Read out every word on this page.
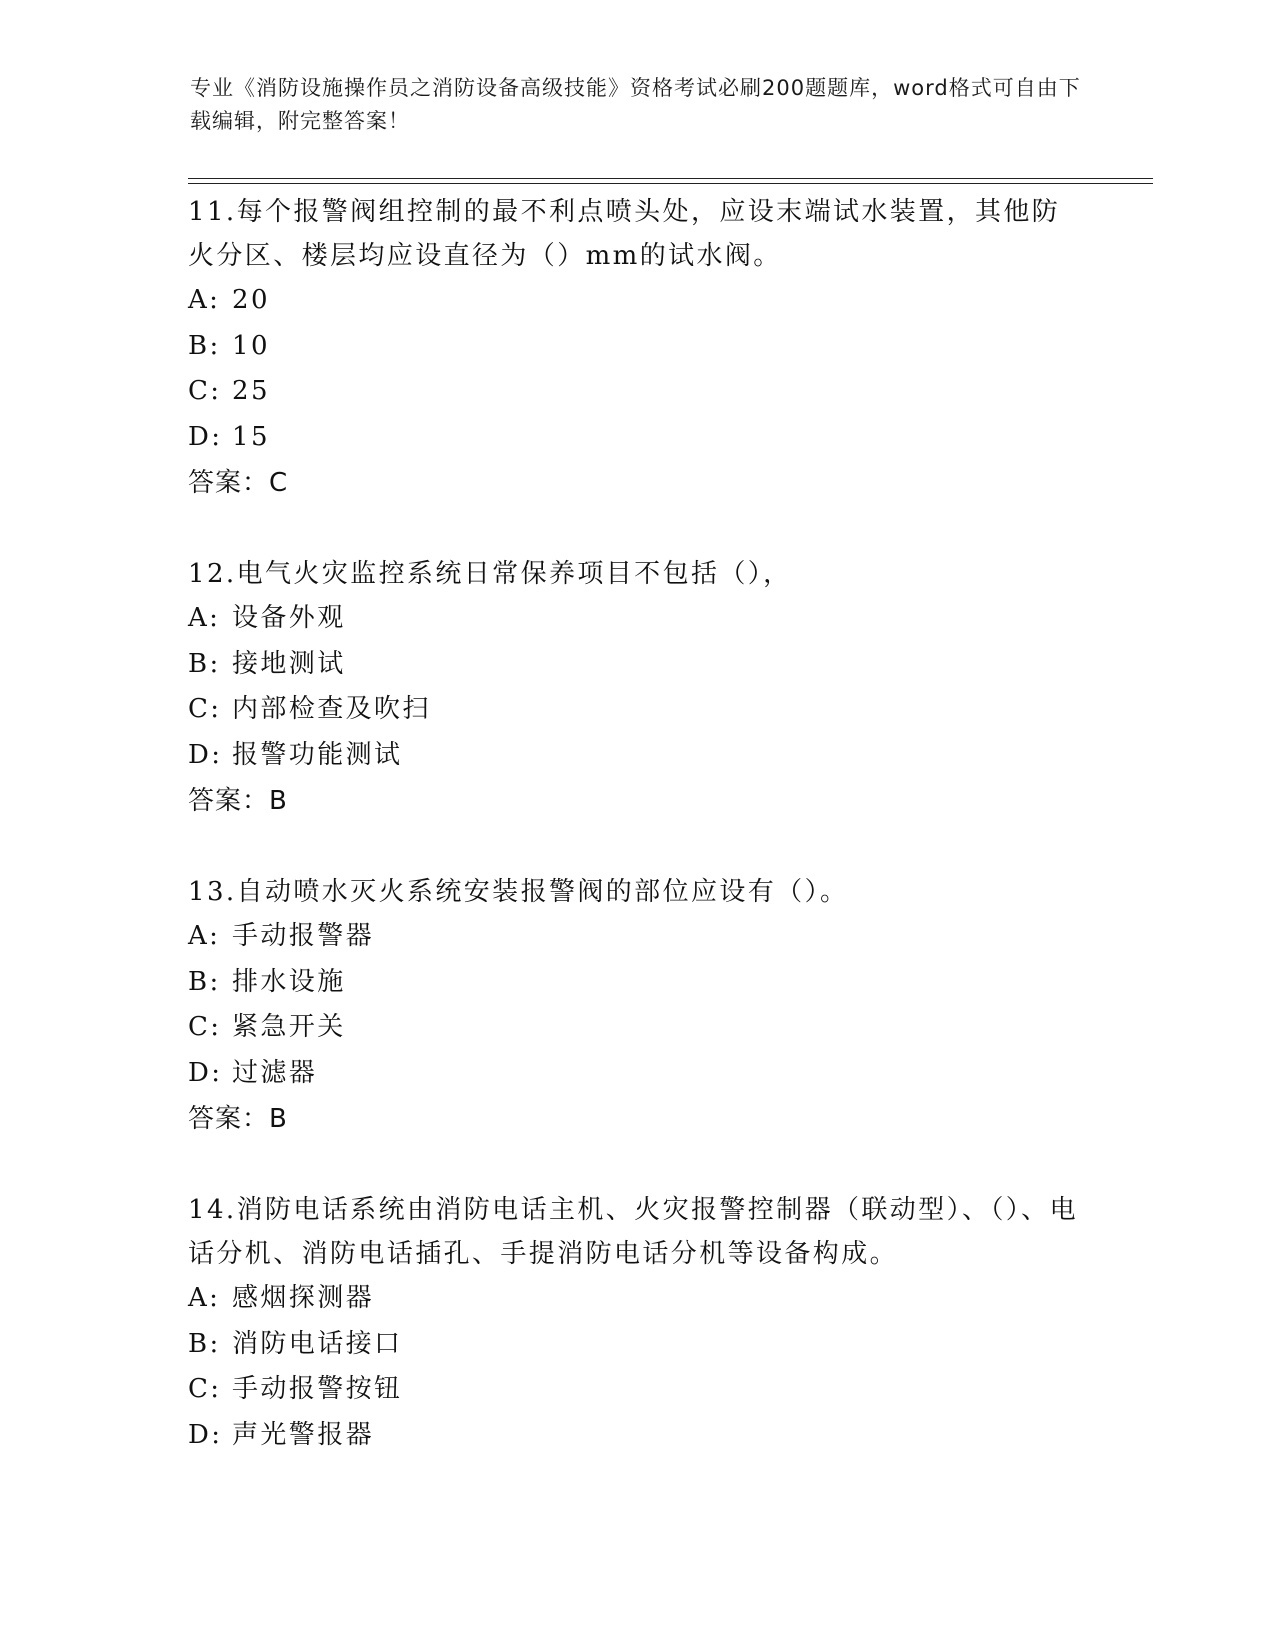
专业《消防设施操作员之消防设备高级技能》资格考试必刷200题题库，word格式可自由下载编辑，附完整答案！

11.每个报警阀组控制的最不利点喷头处，应设末端试水装置，其他防火分区、楼层均应设直径为（）mm的试水阀。

A: 20

B: 10

C: 25

D: 15

答案：C

12.电气火灾监控系统日常保养项目不包括（），

A: 设备外观

B: 接地测试

C: 内部检查及吹扫

D: 报警功能测试

答案：B

13.自动喷水灭火系统安装报警阀的部位应设有（）。

A: 手动报警器

B: 排水设施

C: 紧急开关

D: 过滤器

答案：B

14.消防电话系统由消防电话主机、火灾报警控制器（联动型）、（）、电话分机、消防电话插孔、手提消防电话分机等设备构成。

A: 感烟探测器

B: 消防电话接口

C: 手动报警按钮

D: 声光警报器
